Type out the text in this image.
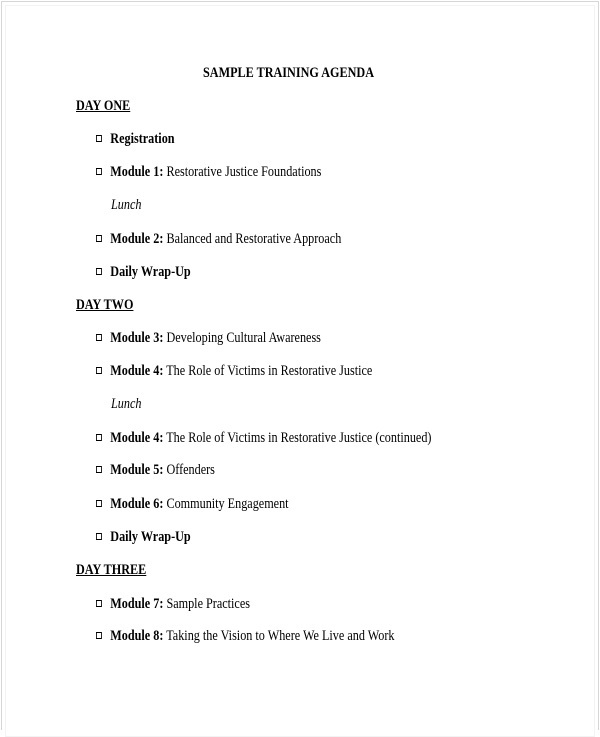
SAMPLE TRAINING AGENDA
DAY ONE
Registration
Module 1: Restorative Justice Foundations
Lunch
Module 2: Balanced and Restorative Approach
Daily Wrap-Up
DAY TWO
Module 3: Developing Cultural Awareness
Module 4: The Role of Victims in Restorative Justice
Lunch
Module 4: The Role of Victims in Restorative Justice (continued)
Module 5: Offenders
Module 6: Community Engagement
Daily Wrap-Up
DAY THREE
Module 7: Sample Practices
Module 8: Taking the Vision to Where We Live and Work
